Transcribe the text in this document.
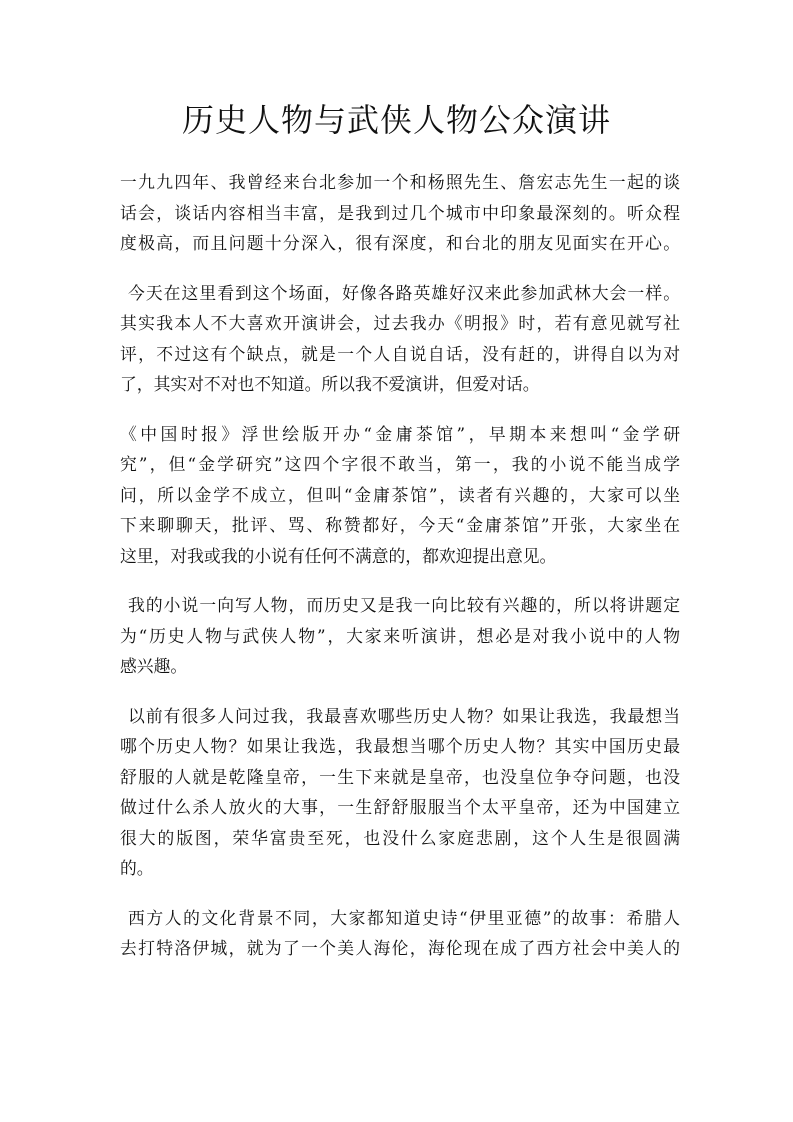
历史人物与武侠人物公众演讲

一九九四年、我曾经来台北参加一个和杨照先生、詹宏志先生一起的谈
话会，谈话内容相当丰富，是我到过几个城市中印象最深刻的。听众程
度极高，而且问题十分深入，很有深度，和台北的朋友见面实在开心。

今天在这里看到这个场面，好像各路英雄好汉来此参加武林大会一样。
其实我本人不大喜欢开演讲会，过去我办《明报》时，若有意见就写社
评，不过这有个缺点，就是一个人自说自话，没有赶的，讲得自以为对
了，其实对不对也不知道。所以我不爱演讲，但爱对话。

《中国时报》浮世绘版开办“金庸茶馆”，早期本来想叫“金学研
究”，但“金学研究”这四个字很不敢当，第一，我的小说不能当成学
问，所以金学不成立，但叫“金庸茶馆”，读者有兴趣的，大家可以坐
下来聊聊天，批评、骂、称赞都好，今天“金庸茶馆”开张，大家坐在
这里，对我或我的小说有任何不满意的，都欢迎提出意见。

我的小说一向写人物，而历史又是我一向比较有兴趣的，所以将讲题定
为“历史人物与武侠人物”，大家来听演讲，想必是对我小说中的人物
感兴趣。

以前有很多人问过我，我最喜欢哪些历史人物？如果让我选，我最想当
哪个历史人物？如果让我选，我最想当哪个历史人物？其实中国历史最
舒服的人就是乾隆皇帝，一生下来就是皇帝，也没皇位争夺问题，也没
做过什么杀人放火的大事，一生舒舒服服当个太平皇帝，还为中国建立
很大的版图，荣华富贵至死，也没什么家庭悲剧，这个人生是很圆满
的。

西方人的文化背景不同，大家都知道史诗“伊里亚德”的故事：希腊人
去打特洛伊城，就为了一个美人海伦，海伦现在成了西方社会中美人的
